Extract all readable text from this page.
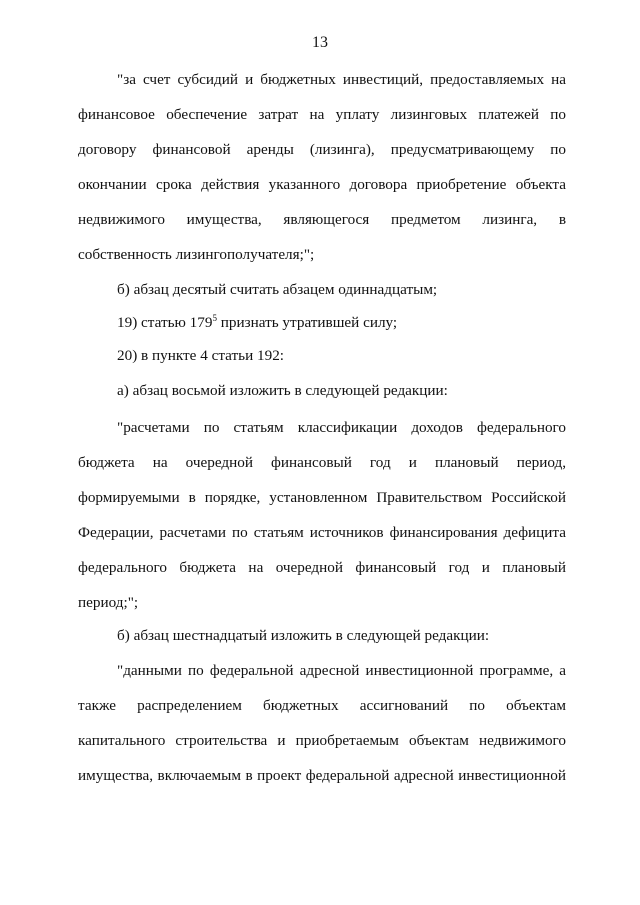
13
"за счет субсидий и бюджетных инвестиций, предоставляемых на
финансовое обеспечение затрат на уплату лизинговых платежей по
договору финансовой аренды (лизинга), предусматривающему по
окончании срока действия указанного договора приобретение объекта
недвижимого имущества, являющегося предметом лизинга, в
собственность лизингополучателя;";
б) абзац десятый считать абзацем одиннадцатым;
19) статью $179^5$ признать утратившей силу;
20) в пункте 4 статьи 192:
а) абзац восьмой изложить в следующей редакции:
"расчетами по статьям классификации доходов федерального
бюджета на очередной финансовый год и плановый период,
формируемыми в порядке, установленном Правительством Российской
Федерации, расчетами по статьям источников финансирования дефицита
федерального бюджета на очередной финансовый год и плановый
период;";
б) абзац шестнадцатый изложить в следующей редакции:
"данными по федеральной адресной инвестиционной программе, а
также распределением бюджетных ассигнований по объектам
капитального строительства и приобретаемым объектам недвижимого
имущества, включаемым в проект федеральной адресной инвестиционной
